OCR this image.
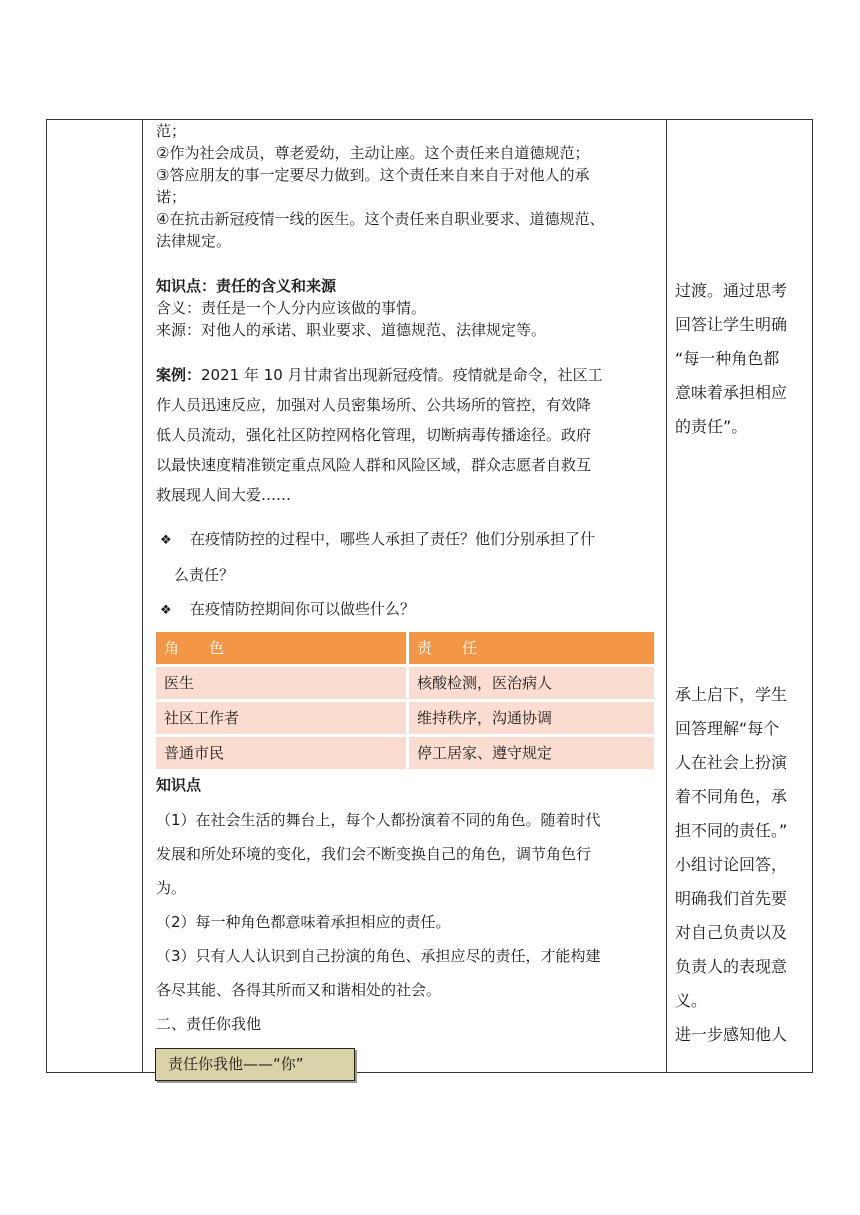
范；
②作为社会成员，尊老爱幼，主动让座。这个责任来自道德规范；
③答应朋友的事一定要尽力做到。这个责任来自来自于对他人的承
诺；
④在抗击新冠疫情一线的医生。这个责任来自职业要求、道德规范、
法律规定。
知识点：责任的含义和来源
含义：责任是一个人分内应该做的事情。
来源：对他人的承诺、职业要求、道德规范、法律规定等。
案例：2021 年 10 月甘肃省出现新冠疫情。疫情就是命令，社区工
作人员迅速反应，加强对人员密集场所、公共场所的管控，有效降
低人员流动，强化社区防控网格化管理，切断病毒传播途径。政府
以最快速度精准锁定重点风险人群和风险区域，群众志愿者自救互
救展现人间大爱……
❖ 在疫情防控的过程中，哪些人承担了责任？他们分别承担了什
么责任？
❖ 在疫情防控期间你可以做些什么？
角　　色	责　　任
医生	核酸检测，医治病人
社区工作者	维持秩序，沟通协调
普通市民	停工居家、遵守规定
知识点
（1）在社会生活的舞台上，每个人都扮演着不同的角色。随着时代
发展和所处环境的变化，我们会不断变换自己的角色，调节角色行
为。
（2）每一种角色都意味着承担相应的责任。
（3）只有人人认识到自己扮演的角色、承担应尽的责任，才能构建
各尽其能、各得其所而又和谐相处的社会。
二、责任你我他
过渡。通过思考
回答让学生明确
“每一种角色都
意味着承担相应
的责任”。
承上启下，学生
回答理解“每个
人在社会上扮演
着不同角色，承
担不同的责任。”
小组讨论回答，
明确我们首先要
对自己负责以及
负责人的表现意
义。
进一步感知他人
责任你我他——“你”
